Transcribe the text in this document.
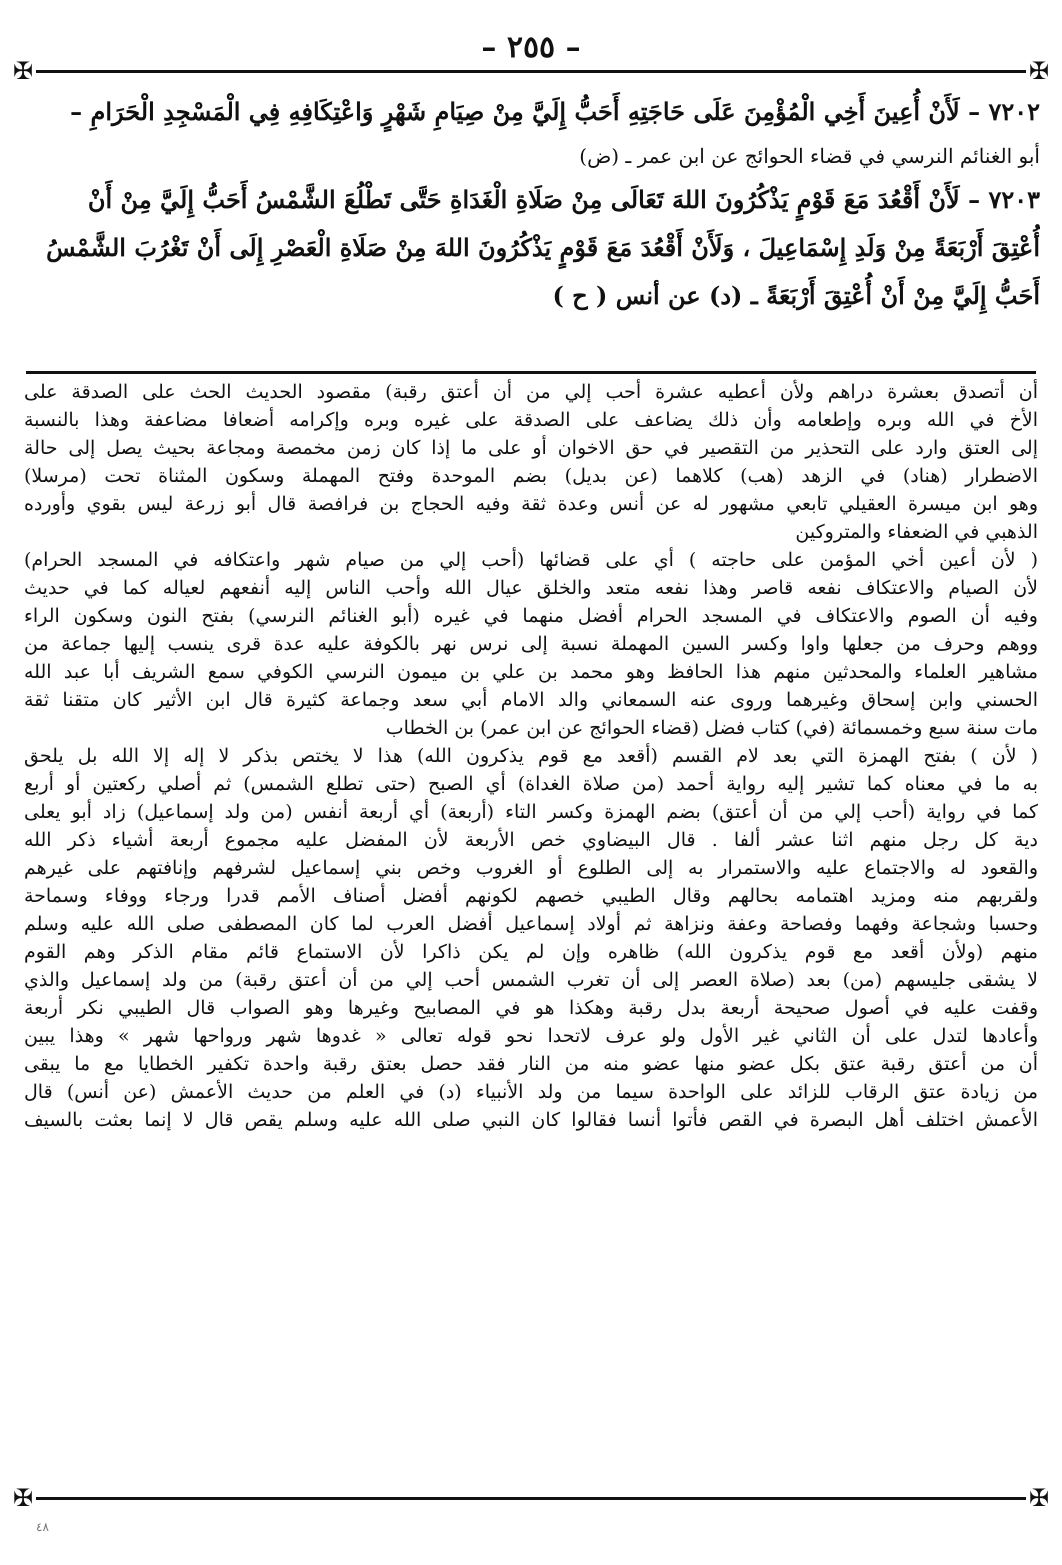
– ٢٥٥ –
✠	✠
٧٢٠٢ – لَأَنْ أُعِينَ أَخِي الْمُؤْمِنَ عَلَى حَاجَتِهِ أَحَبُّ إِلَيَّ مِنْ صِيَامِ شَهْرٍ وَاعْتِكَافِهِ فِي الْمَسْجِدِ الْحَرَامِ –
أبو الغنائم النرسي في قضاء الحوائج عن ابن عمر ـ (ض)
٧٢٠٣ – لَأَنْ أَقْعُدَ مَعَ قَوْمٍ يَذْكُرُونَ اللهَ تَعَالَى مِنْ صَلَاةِ الْغَدَاةِ حَتَّى تَطْلُعَ الشَّمْسُ أَحَبُّ إِلَيَّ مِنْ أَنْ
أُعْتِقَ أَرْبَعَةً مِنْ وَلَدِ إِسْمَاعِيلَ ، وَلَأَنْ أَقْعُدَ مَعَ قَوْمٍ يَذْكُرُونَ اللهَ مِنْ صَلَاةِ الْعَصْرِ إِلَى أَنْ تَغْرُبَ الشَّمْسُ
أَحَبُّ إِلَيَّ مِنْ أَنْ أُعْتِقَ أَرْبَعَةً ـ (د) عن أنس ( ح )
أن أتصدق بعشرة دراهم ولأن أعطيه عشرة أحب إلي من أن أعتق رقبة) مقصود الحديث الحث على الصدقة على
الأخ في الله وبره وإطعامه وأن ذلك يضاعف على الصدقة على غيره وبره وإكرامه أضعافا مضاعفة وهذا بالنسبة
إلى العتق وارد على التحذير من التقصير في حق الاخوان أو على ما إذا كان زمن مخمصة ومجاعة بحيث يصل إلى حالة
الاضطرار (هناد) في الزهد (هب) كلاهما (عن بديل) بضم الموحدة وفتح المهملة وسكون المثناة تحت (مرسلا)
وهو ابن ميسرة العقيلي تابعي مشهور له عن أنس وعدة ثقة وفيه الحجاج بن فرافصة قال أبو زرعة ليس بقوي وأورده
الذهبي في الضعفاء والمتروكين
( لأن أعين أخي المؤمن على حاجته ) أي على قضائها (أحب إلي من صيام شهر واعتكافه في المسجد الحرام)
لأن الصيام والاعتكاف نفعه قاصر وهذا نفعه متعد والخلق عيال الله وأحب الناس إليه أنفعهم لعياله كما في حديث
وفيه أن الصوم والاعتكاف في المسجد الحرام أفضل منهما في غيره (أبو الغنائم النرسي) بفتح النون وسكون الراء
ووهم وحرف من جعلها واوا وكسر السين المهملة نسبة إلى نرس نهر بالكوفة عليه عدة قرى ينسب إليها جماعة من
مشاهير العلماء والمحدثين منهم هذا الحافظ وهو محمد بن علي بن ميمون النرسي الكوفي سمع الشريف أبا عبد الله
الحسني وابن إسحاق وغيرهما وروى عنه السمعاني والد الامام أبي سعد وجماعة كثيرة قال ابن الأثير كان متقنا ثقة
مات سنة سبع وخمسمائة (في) كتاب فضل (قضاء الحوائج عن ابن عمر) بن الخطاب
( لأن ) بفتح الهمزة التي بعد لام القسم (أقعد مع قوم يذكرون الله) هذا لا يختص بذكر لا إله إلا الله بل يلحق
به ما في معناه كما تشير إليه رواية أحمد (من صلاة الغداة) أي الصبح (حتى تطلع الشمس) ثم أصلي ركعتين أو أربع
كما في رواية (أحب إلي من أن أعتق) بضم الهمزة وكسر التاء (أربعة) أي أربعة أنفس (من ولد إسماعيل) زاد أبو يعلى
دية كل رجل منهم اثنا عشر ألفا . قال البيضاوي خص الأربعة لأن المفضل عليه مجموع أربعة أشياء ذكر الله
والقعود له والاجتماع عليه والاستمرار به إلى الطلوع أو الغروب وخص بني إسماعيل لشرفهم وإنافتهم على غيرهم
ولقربهم منه ومزيد اهتمامه بحالهم وقال الطيبي خصهم لكونهم أفضل أصناف الأمم قدرا ورجاء ووفاء وسماحة
وحسبا وشجاعة وفهما وفصاحة وعفة ونزاهة ثم أولاد إسماعيل أفضل العرب لما كان المصطفى صلى الله عليه وسلم
منهم (ولأن أقعد مع قوم يذكرون الله) ظاهره وإن لم يكن ذاكرا لأن الاستماع قائم مقام الذكر وهم القوم
لا يشقى جليسهم (من) بعد (صلاة العصر إلى أن تغرب الشمس أحب إلي من أن أعتق رقبة) من ولد إسماعيل والذي
وقفت عليه في أصول صحيحة أربعة بدل رقبة وهكذا هو في المصابيح وغيرها وهو الصواب قال الطيبي نكر أربعة
وأعادها لتدل على أن الثاني غير الأول ولو عرف لاتحدا نحو قوله تعالى « غدوها شهر ورواحها شهر » وهذا يبين
أن من أعتق رقبة عتق بكل عضو منها عضو منه من النار فقد حصل بعتق رقبة واحدة تكفير الخطايا مع ما يبقى
من زيادة عتق الرقاب للزائد على الواحدة سيما من ولد الأنبياء (د) في العلم من حديث الأعمش (عن أنس) قال
الأعمش اختلف أهل البصرة في القص فأتوا أنسا فقالوا كان النبي صلى الله عليه وسلم يقص قال لا إنما بعثت بالسيف
✠	✠
٤٨
